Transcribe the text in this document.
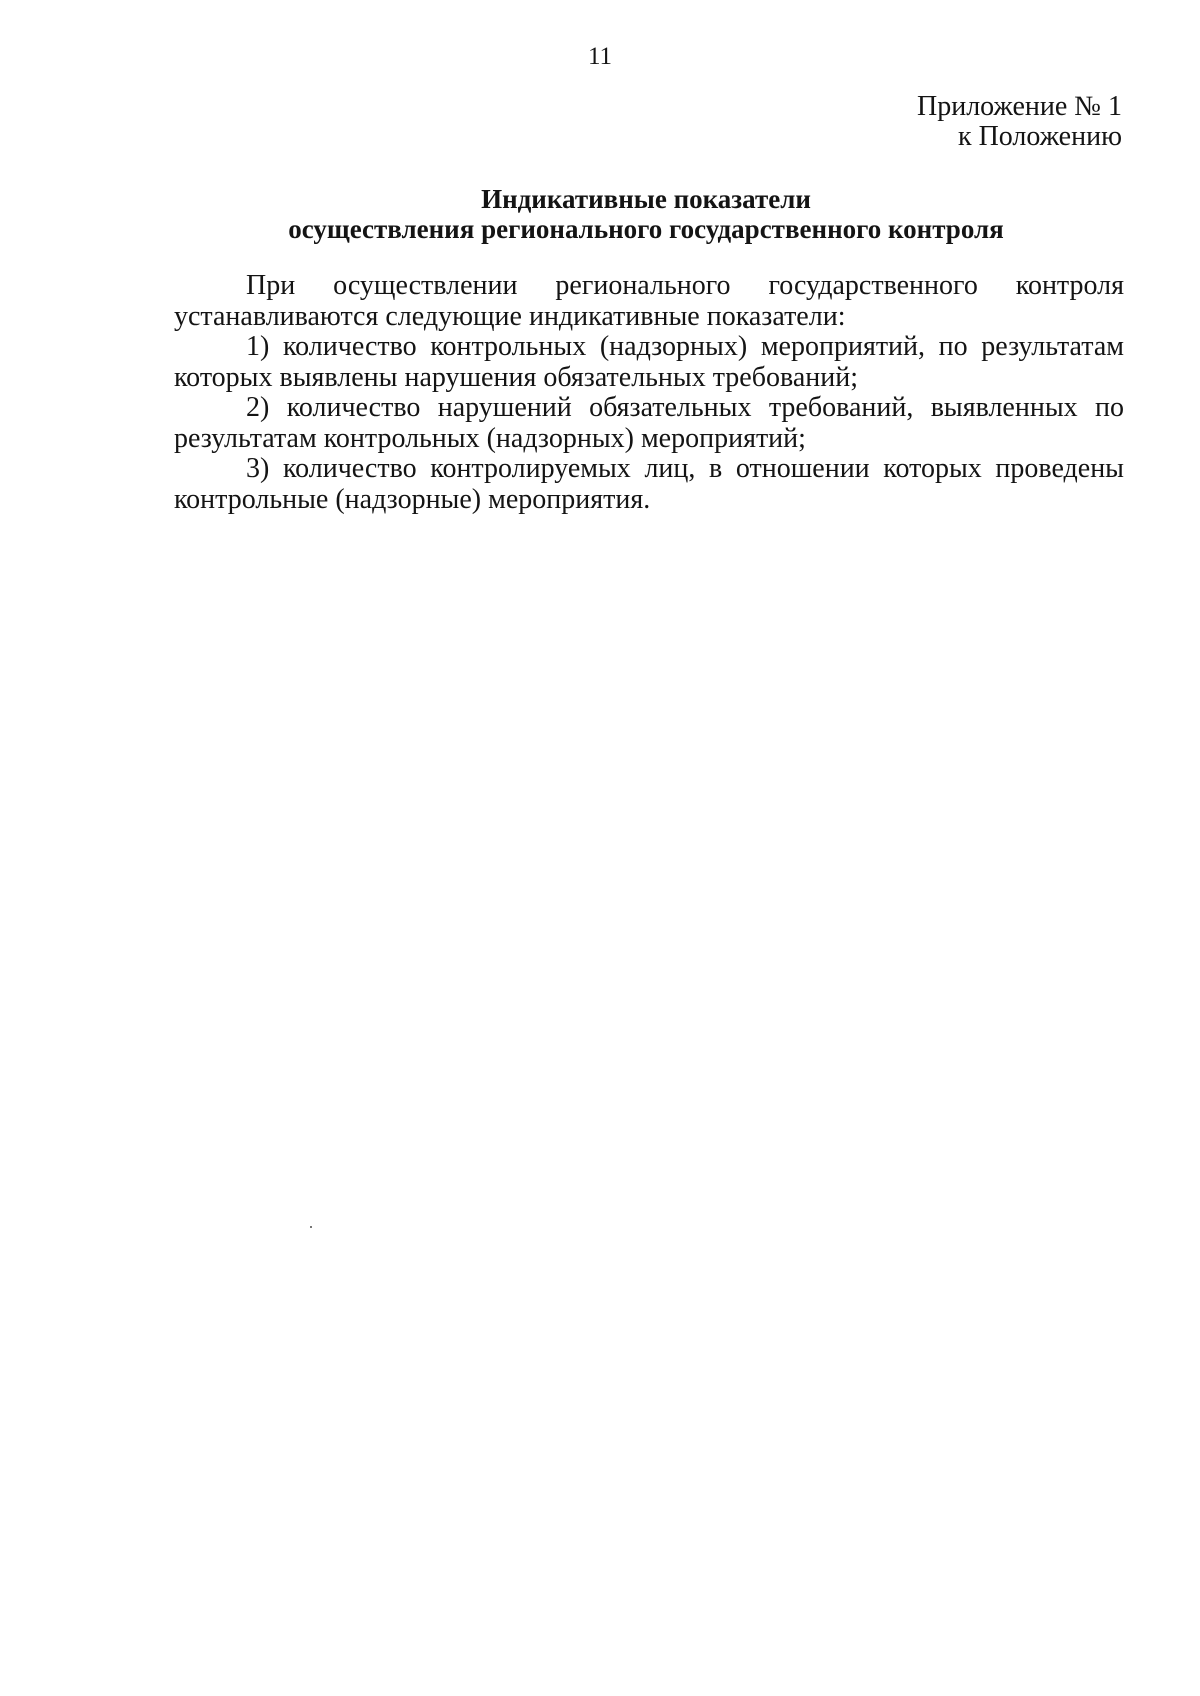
11
Приложение № 1
к Положению
Индикативные показатели
осуществления регионального государственного контроля

При осуществлении регионального государственного контроля устанавливаются следующие индикативные показатели:

1) количество контрольных (надзорных) мероприятий, по результатам которых выявлены нарушения обязательных требований;

2) количество нарушений обязательных требований, выявленных по результатам контрольных (надзорных) мероприятий;

3) количество контролируемых лиц, в отношении которых проведены контрольные (надзорные) мероприятия.
